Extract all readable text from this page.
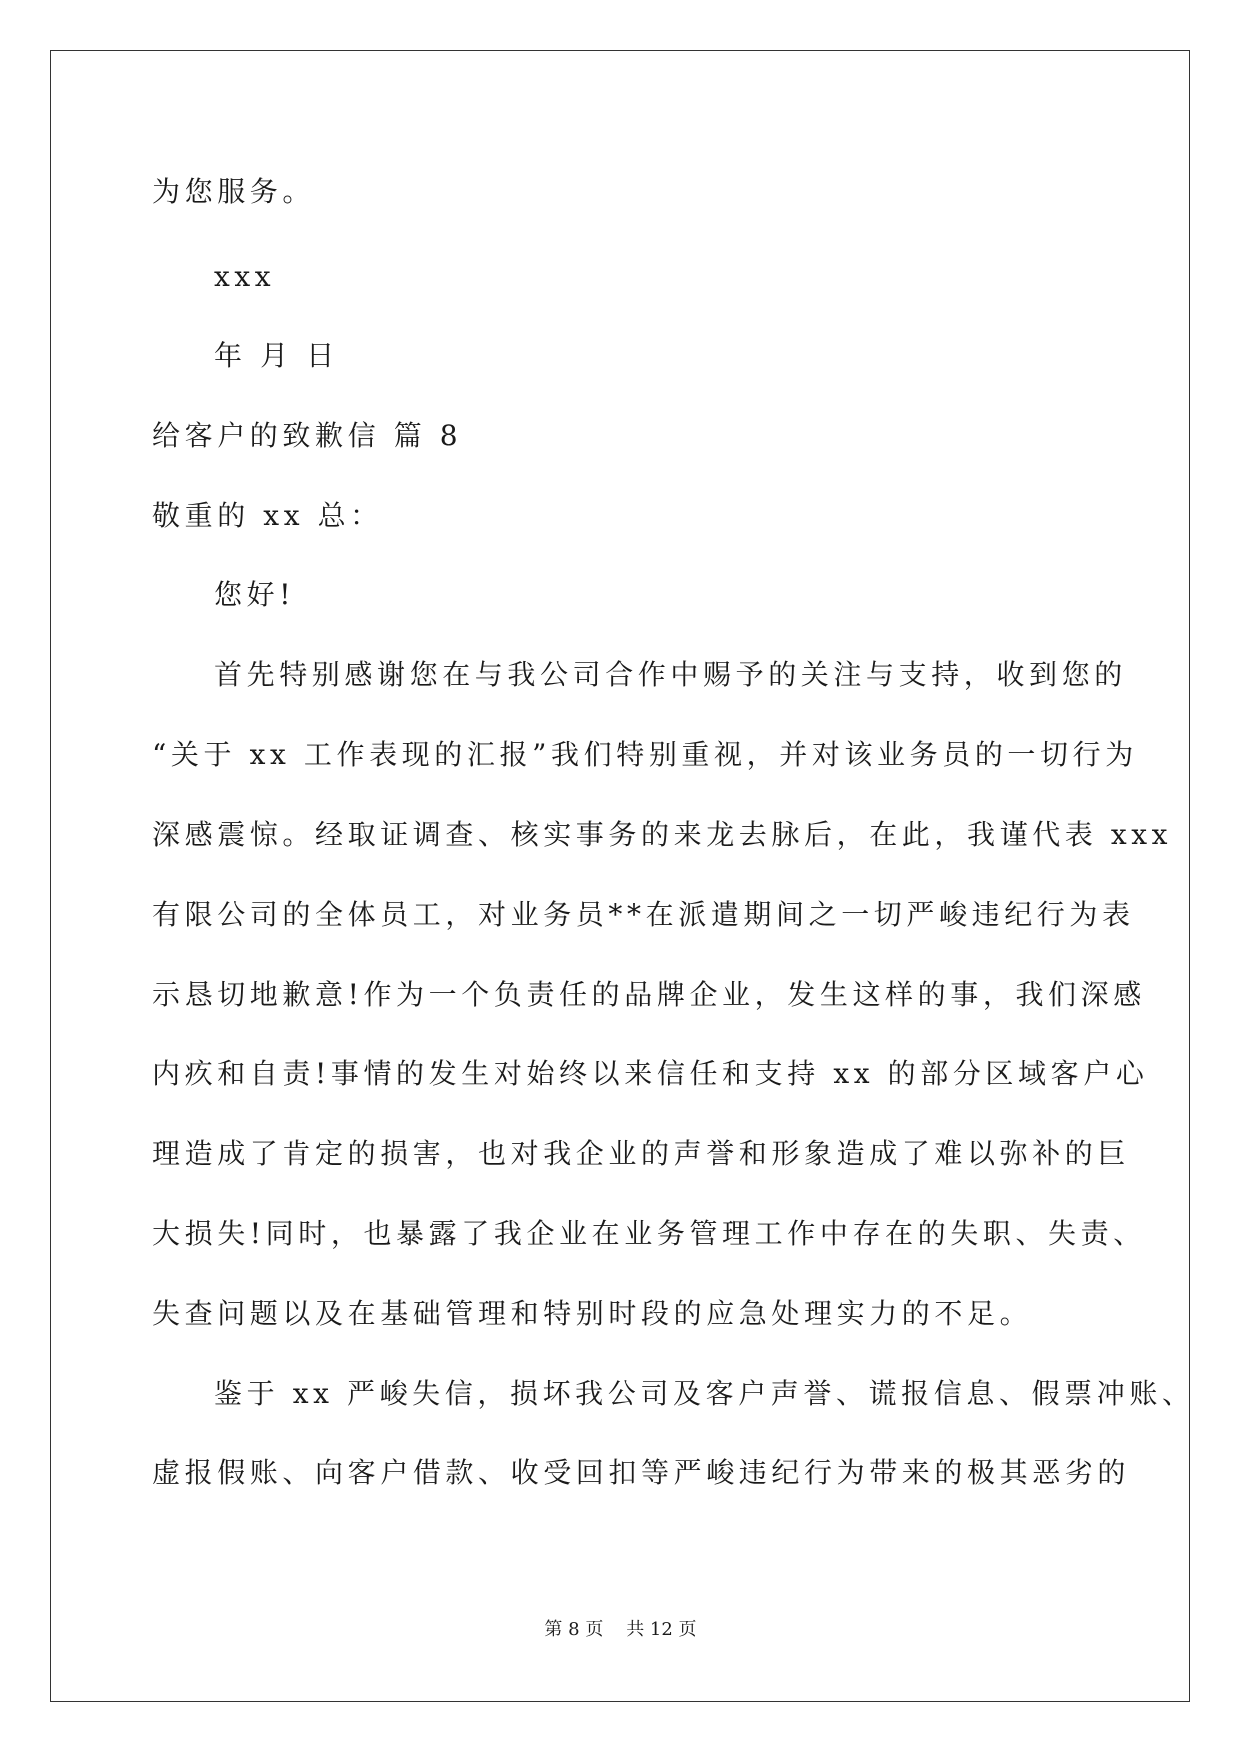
为您服务。
xxx
年 月 日
给客户的致歉信 篇 8
敬重的 xx 总：
您好!
首先特别感谢您在与我公司合作中赐予的关注与支持，收到您的
“关于 xx 工作表现的汇报”我们特别重视，并对该业务员的一切行为
深感震惊。经取证调查、核实事务的来龙去脉后，在此，我谨代表 xxx
有限公司的全体员工，对业务员**在派遣期间之一切严峻违纪行为表
示恳切地歉意!作为一个负责任的品牌企业，发生这样的事，我们深感
内疚和自责!事情的发生对始终以来信任和支持 xx 的部分区域客户心
理造成了肯定的损害，也对我企业的声誉和形象造成了难以弥补的巨
大损失!同时，也暴露了我企业在业务管理工作中存在的失职、失责、
失查问题以及在基础管理和特别时段的应急处理实力的不足。
鉴于 xx 严峻失信，损坏我公司及客户声誉、谎报信息、假票冲账、
虚报假账、向客户借款、收受回扣等严峻违纪行为带来的极其恶劣的
第 8 页    共 12 页
